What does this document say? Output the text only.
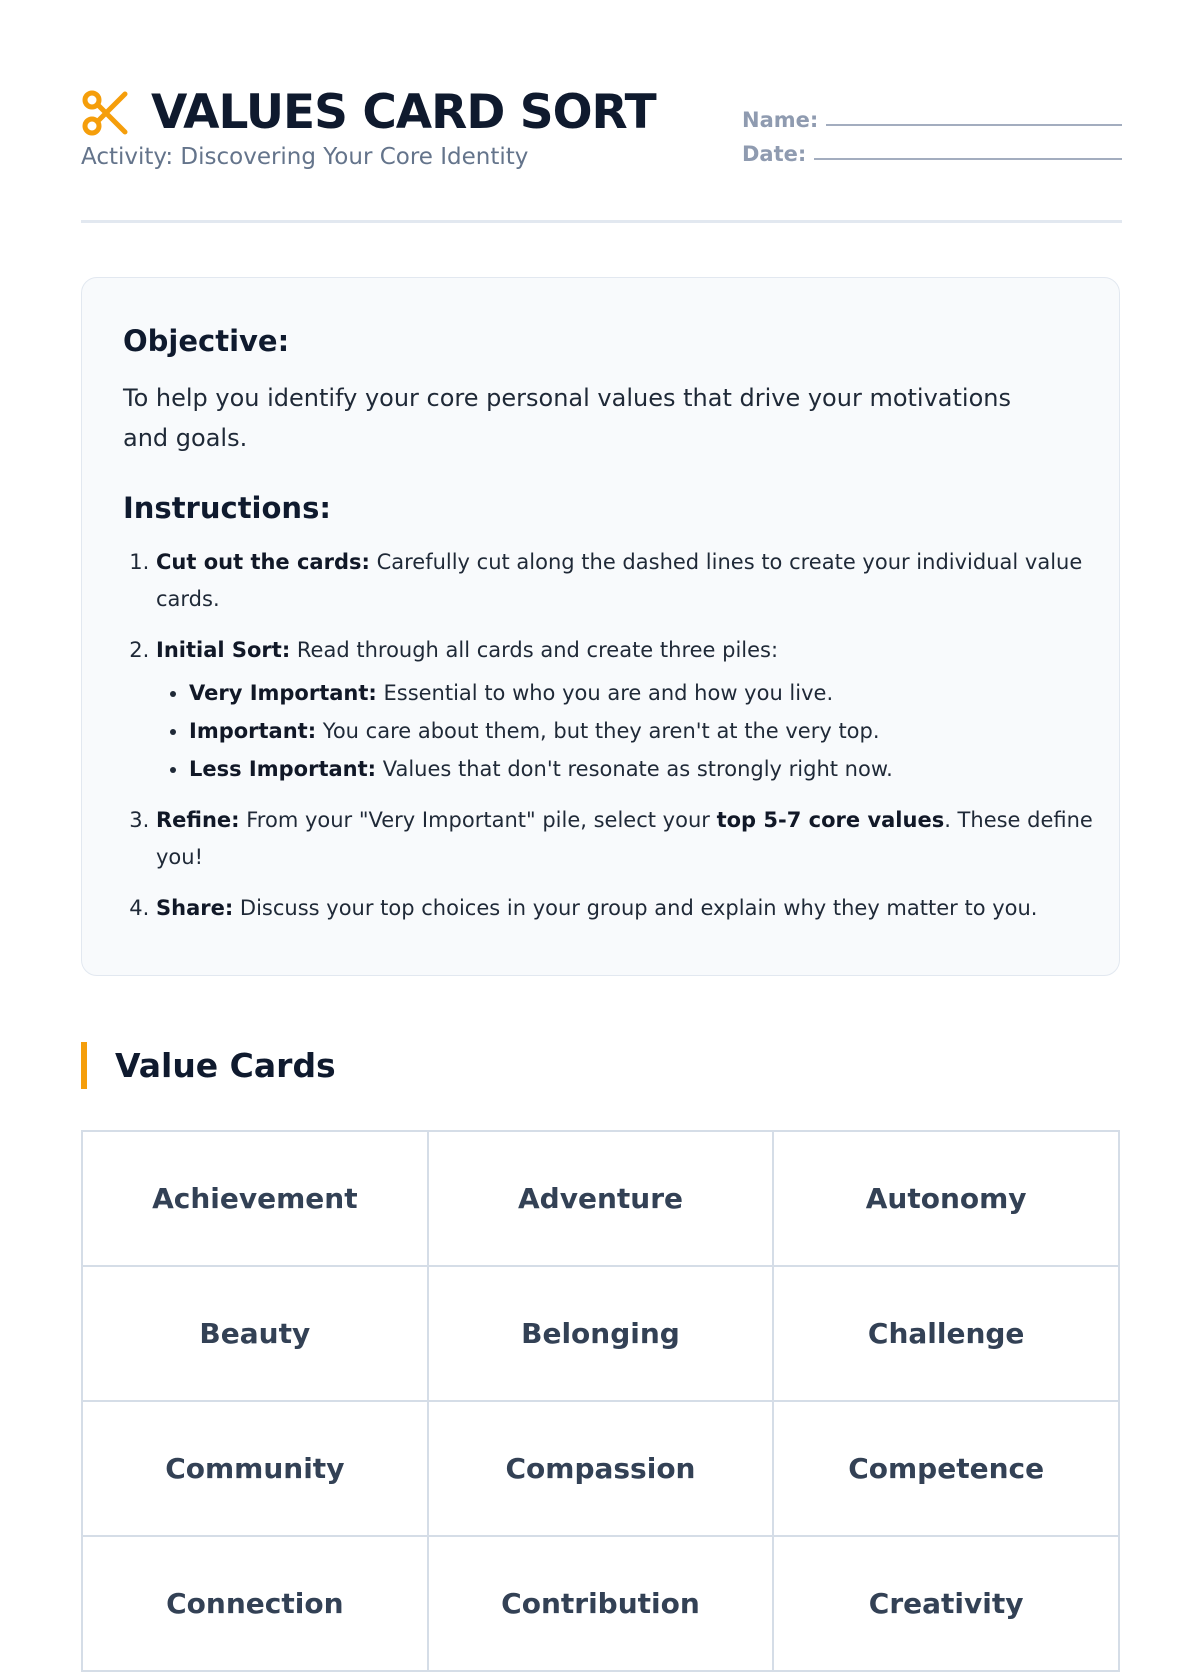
VALUES CARD SORT
Activity: Discovering Your Core Identity
Name:
Date:
Objective:
To help you identify your core personal values that drive your motivations and goals.
Instructions:
1. Cut out the cards: Carefully cut along the dashed lines to create your individual value cards.
2. Initial Sort: Read through all cards and create three piles:
• Very Important: Essential to who you are and how you live.
• Important: You care about them, but they aren't at the very top.
• Less Important: Values that don't resonate as strongly right now.
3. Refine: From your "Very Important" pile, select your top 5-7 core values. These define you!
4. Share: Discuss your top choices in your group and explain why they matter to you.
Value Cards
Achievement	Adventure	Autonomy
Beauty	Belonging	Challenge
Community	Compassion	Competence
Connection	Contribution	Creativity
